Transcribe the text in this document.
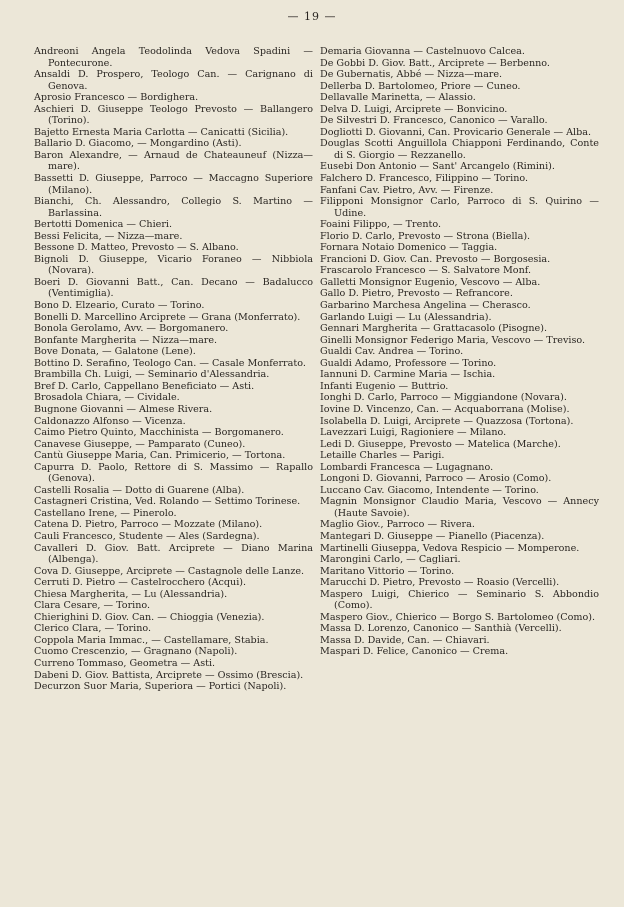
— 19 —

Andreoni Angela Teodolinda Vedova Spadini — Pontecurone.

Ansaldi D. Prospero, Teologo Can. — Carignano di Genova.

Aprosio Francesco — Bordighera.

Aschieri D. Giuseppe Teologo Prevosto — Ballangero (Torino).

Bajetto Ernesta Maria Carlotta — Canicatti (Sicilia).

Ballario D. Giacomo, — Mongardino (Asti).

Baron Alexandre, — Arnaud de Chateauneuf (Nizza—mare).

Bassetti D. Giuseppe, Parroco — Maccagno Superiore (Milano).

Bianchi, Ch. Alessandro, Collegio S. Martino — Barlassina.

Bertotti Domenica — Chieri.

Bessi Felicita, — Nizza—mare.

Bessone D. Matteo, Prevosto — S. Albano.

Bignoli D. Giuseppe, Vicario Foraneo — Nibbiola (Novara).

Boeri D. Giovanni Batt., Can. Decano — Badalucco (Ventimiglia).

Bono D. Elzeario, Curato — Torino.

Bonelli D. Marcellino Arciprete — Grana (Monferrato).

Bonola Gerolamo, Avv. — Borgomanero.

Bonfante Margherita — Nizza—mare.

Bove Donata, — Galatone (Lene).

Bottino D. Serafino, Teologo Can. — Casale Monferrato.

Brambilla Ch. Luigi, — Seminario d'Alessandria.

Bref D. Carlo, Cappellano Beneficiato — Asti.

Brosadola Chiara, — Cividale.

Bugnone Giovanni — Almese Rivera.

Caldonazzo Alfonso — Vicenza.

Caimo Pietro Quinto, Macchinista — Borgomanero.

Canavese Giuseppe, — Pamparato (Cuneo).

Cantù Giuseppe Maria, Can. Primicerio, — Tortona.

Capurra D. Paolo, Rettore di S. Massimo — Rapallo (Genova).

Castelli Rosalia — Dotto di Guarene (Alba).

Castagneri Cristina, Ved. Rolando — Settimo Torinese.

Castellano Irene, — Pinerolo.

Catena D. Pietro, Parroco — Mozzate (Milano).

Cauli Francesco, Studente — Ales (Sardegna).

Cavalleri D. Giov. Batt. Arciprete — Diano Marina (Albenga).

Cova D. Giuseppe, Arciprete — Castagnole delle Lanze.

Cerruti D. Pietro — Castelrocchero (Acqui).

Chiesa Margherita, — Lu (Alessandria).

Clara Cesare, — Torino.

Chierighini D. Giov. Can. — Chioggia (Venezia).

Clerico Clara, — Torino.

Coppola Maria Immac., — Castellamare, Stabia.

Cuomo Crescenzio, — Gragnano (Napoli).

Curreno Tommaso, Geometra — Asti.

Dabeni D. Giov. Battista, Arciprete — Ossimo (Brescia).

Decurzon Suor Maria, Superiora — Portici (Napoli).

Demaria Giovanna — Castelnuovo Calcea.

De Gobbi D. Giov. Batt., Arciprete — Berbenno.

De Gubernatis, Abbé — Nizza—mare.

Dellerba D. Bartolomeo, Priore — Cuneo.

Dellavalle Marinetta, — Alassio.

Delva D. Luigi, Arciprete — Bonvicino.

De Silvestri D. Francesco, Canonico — Varallo.

Dogliotti D. Giovanni, Can. Provicario Generale — Alba.

Douglas Scotti Anguillola Chiapponi Ferdinando, Conte di S. Giorgio — Rezzanello.

Eusebi Don Antonio — Sant' Arcangelo (Rimini).

Falchero D. Francesco, Filippino — Torino.

Fanfani Cav. Pietro, Avv. — Firenze.

Filipponi Monsignor Carlo, Parroco di S. Quirino — Udine.

Foaini Filippo, — Trento.

Florio D. Carlo, Prevosto — Strona (Biella).

Fornara Notaio Domenico — Taggia.

Francioni D. Giov. Can. Prevosto — Borgosesia.

Frascarolo Francesco — S. Salvatore Monf.

Galletti Monsignor Eugenio, Vescovo — Alba.

Gallo D. Pietro, Prevosto — Refrancore.

Garbarino Marchesa Angelina — Cherasco.

Garlando Luigi — Lu (Alessandria).

Gennari Margherita — Grattacasolo (Pisogne).

Ginelli Monsignor Federigo Maria, Vescovo — Treviso.

Gualdi Cav. Andrea — Torino.

Gualdi Adamo, Professore — Torino.

Iannuni D. Carmine Maria — Ischia.

Infanti Eugenio — Buttrio.

Ionghi D. Carlo, Parroco — Miggiandone (Novara).

Iovine D. Vincenzo, Can. — Acquaborrana (Molise).

Isolabella D. Luigi, Arciprete — Quazzosa (Tortona).

Lavezzari Luigi, Ragioniere — Milano.

Ledi D. Giuseppe, Prevosto — Matelica (Marche).

Letaille Charles — Parigi.

Lombardi Francesca — Lugagnano.

Longoni D. Giovanni, Parroco — Arosio (Como).

Luccano Cav. Giacomo, Intendente — Torino.

Magnin Monsignor Claudio Maria, Vescovo — Annecy (Haute Savoie).

Maglio Giov., Parroco — Rivera.

Mantegari D. Giuseppe — Pianello (Piacenza).

Martinelli Giuseppa, Vedova Respicio — Momperone.

Marongini Carlo, — Cagliari.

Maritano Vittorio — Torino.

Marucchi D. Pietro, Prevosto — Roasio (Vercelli).

Maspero Luigi, Chierico — Seminario S. Abbondio (Como).

Maspero Giov., Chierico — Borgo S. Bartolomeo (Como).

Massa D. Lorenzo, Canonico — Santhià (Vercelli).

Massa D. Davide, Can. — Chiavari.

Maspari D. Felice, Canonico — Crema.
